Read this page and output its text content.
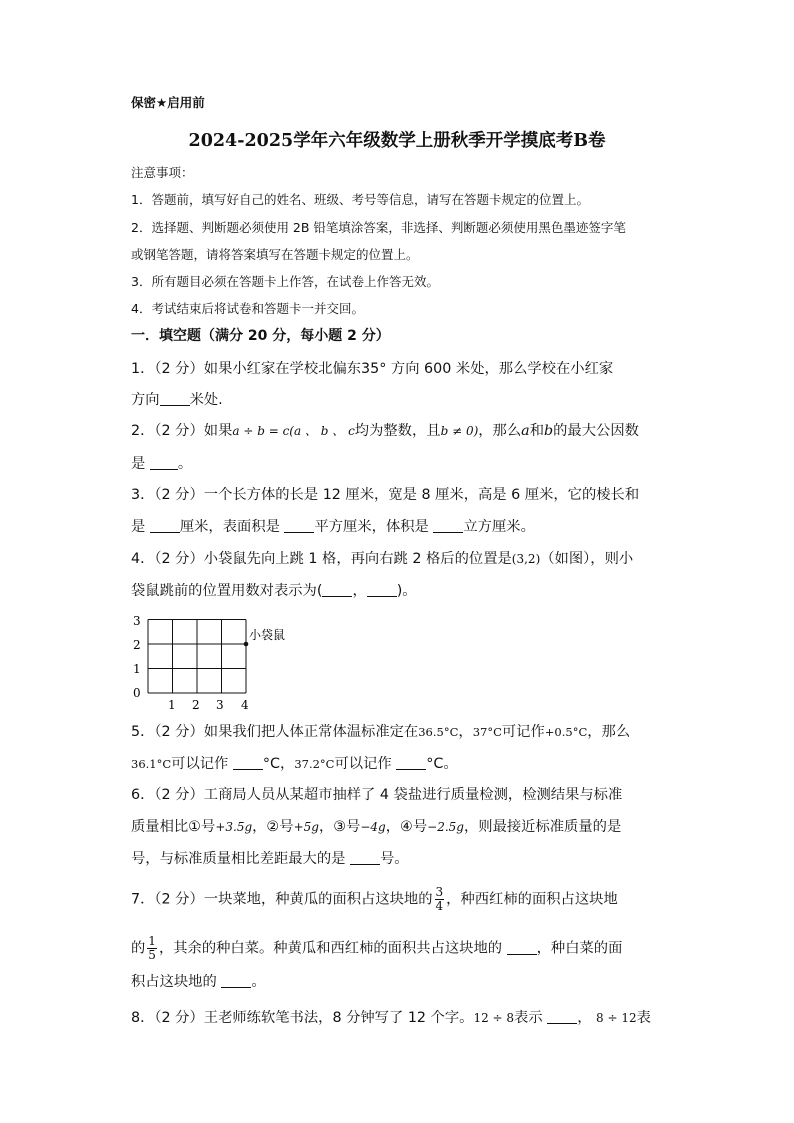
保密★启用前
2024-2025学年六年级数学上册秋季开学摸底考B卷
注意事项：
1．答题前，填写好自己的姓名、班级、考号等信息，请写在答题卡规定的位置上。
2．选择题、判断题必须使用 2B 铅笔填涂答案，非选择、判断题必须使用黑色墨迹签字笔
或钢笔答题，请将答案填写在答题卡规定的位置上。
3．所有题目必须在答题卡上作答，在试卷上作答无效。
4．考试结束后将试卷和答题卡一并交回。
一．填空题（满分 20 分，每小题 2 分）
1．（2 分）如果小红家在学校北偏东35° 方向 600 米处，那么学校在小红家
方向 米处.
2．（2 分）如果a ÷ b = c(a 、 b 、 c均为整数，且b ≠ 0)，那么a和b的最大公因数
是 。
3．（2 分）一个长方体的长是 12 厘米，宽是 8 厘米，高是 6 厘米，它的棱长和
是 厘米，表面积是 平方厘米，体积是 立方厘米。
4．（2 分）小袋鼠先向上跳 1 格，再向右跳 2 格后的位置是(3,2)（如图），则小
袋鼠跳前的位置用数对表示为( ， )。
0
1
2
3
1 2 3 4
小袋鼠
5．（2 分）如果我们把人体正常体温标准定在36.5°C，37°C可记作+0.5°C，那么
36.1°C可以记作 °C，37.2°C可以记作 °C。
6．（2 分）工商局人员从某超市抽样了 4 袋盐进行质量检测，检测结果与标准
质量相比①号+3.5g，②号+5g，③号−4g，④号−2.5g，则最接近标准质量的是
号，与标准质量相比差距最大的是 号。
7．（2 分）一块菜地，种黄瓜的面积占这块地的 $\frac{3}{4}$ ，种西红柿的面积占这块地
的 $\frac{1}{5}$ ，其余的种白菜。种黄瓜和西红柿的面积共占这块地的 ，种白菜的面
积占这块地的 。
8．（2 分）王老师练软笔书法，8 分钟写了 12 个字。12 ÷ 8表示 ， 8 ÷ 12表
